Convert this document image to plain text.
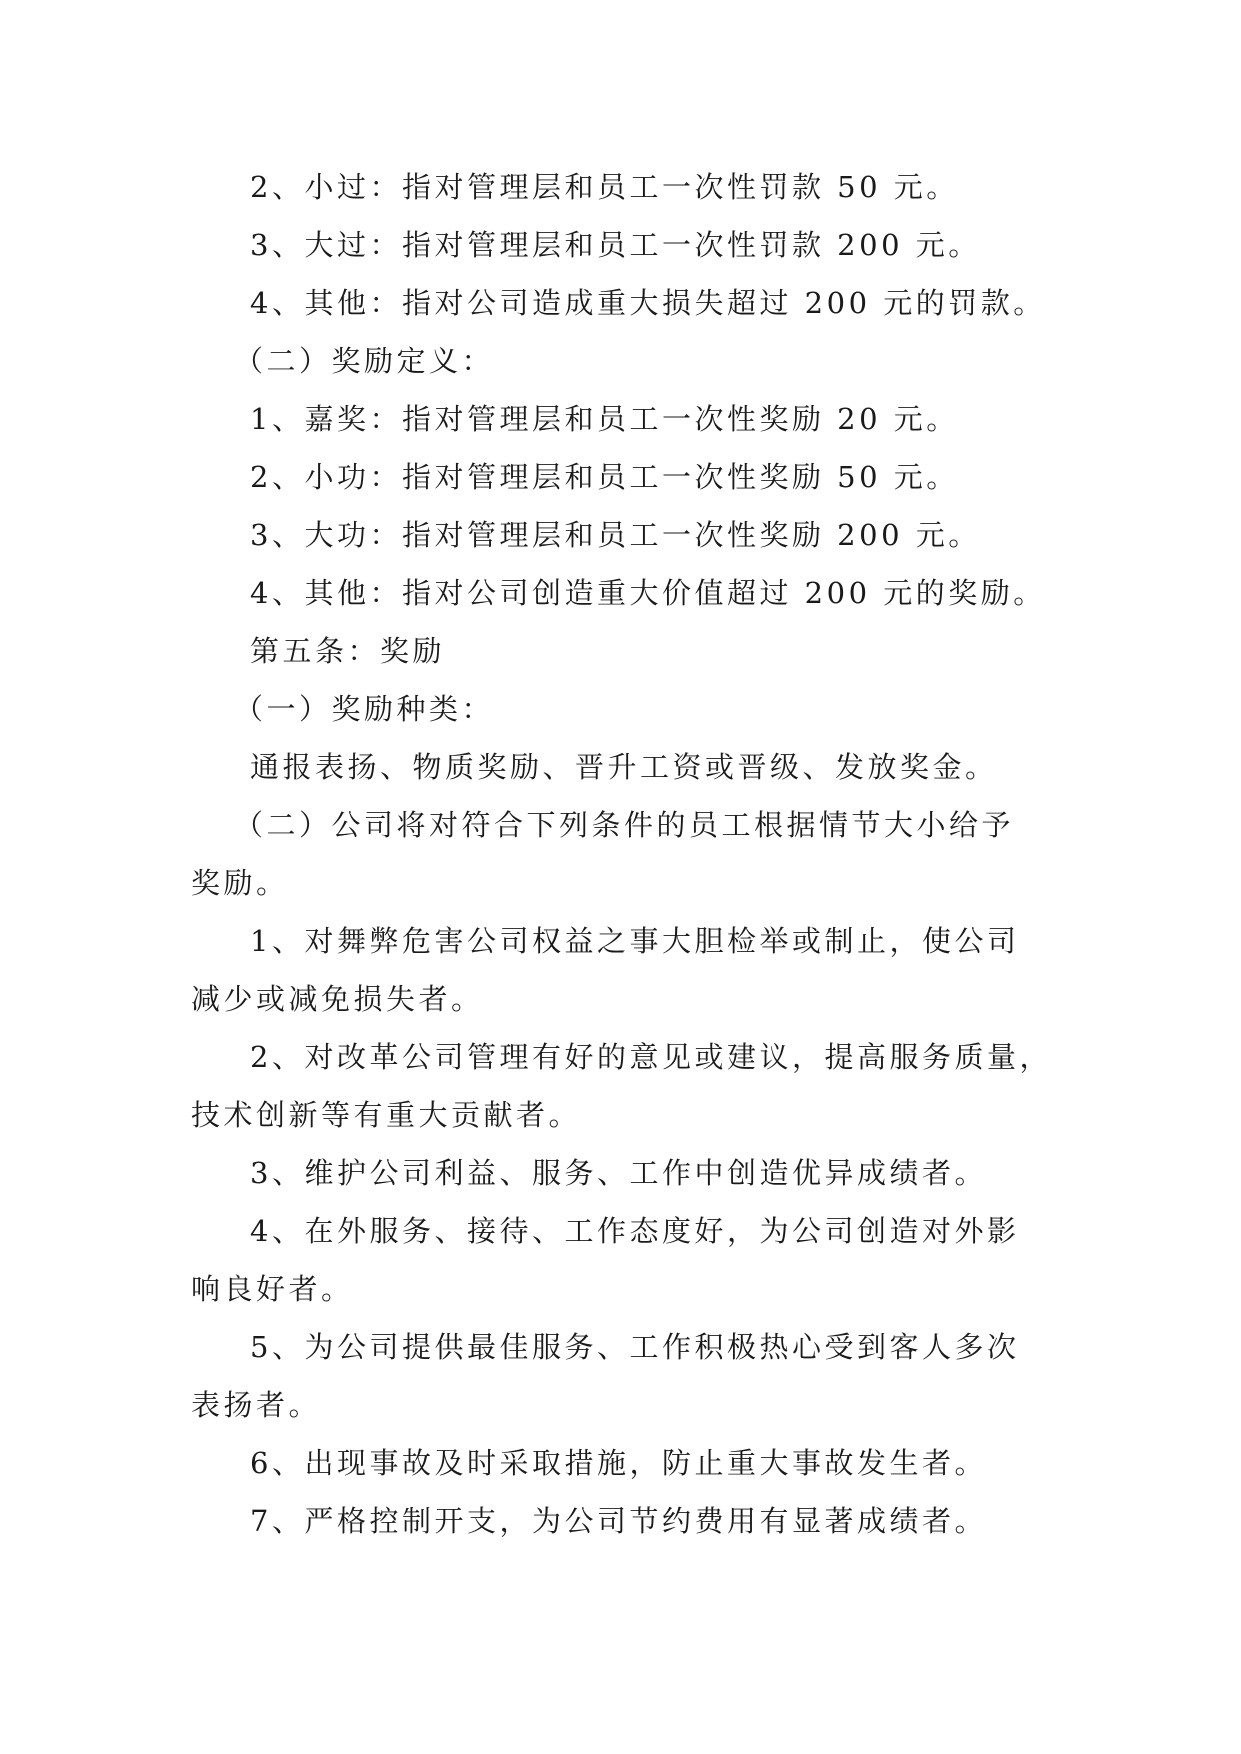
2、小过：指对管理层和员工一次性罚款 50 元。
3、大过：指对管理层和员工一次性罚款 200 元。
4、其他：指对公司造成重大损失超过 200 元的罚款。
（二）奖励定义：
1、嘉奖：指对管理层和员工一次性奖励 20 元。
2、小功：指对管理层和员工一次性奖励 50 元。
3、大功：指对管理层和员工一次性奖励 200 元。
4、其他：指对公司创造重大价值超过 200 元的奖励。
第五条：奖励
（一）奖励种类：
通报表扬、物质奖励、晋升工资或晋级、发放奖金。
（二）公司将对符合下列条件的员工根据情节大小给予
奖励。
1、对舞弊危害公司权益之事大胆检举或制止，使公司
减少或减免损失者。
2、对改革公司管理有好的意见或建议，提高服务质量，
技术创新等有重大贡献者。
3、维护公司利益、服务、工作中创造优异成绩者。
4、在外服务、接待、工作态度好，为公司创造对外影
响良好者。
5、为公司提供最佳服务、工作积极热心受到客人多次
表扬者。
6、出现事故及时采取措施，防止重大事故发生者。
7、严格控制开支，为公司节约费用有显著成绩者。
